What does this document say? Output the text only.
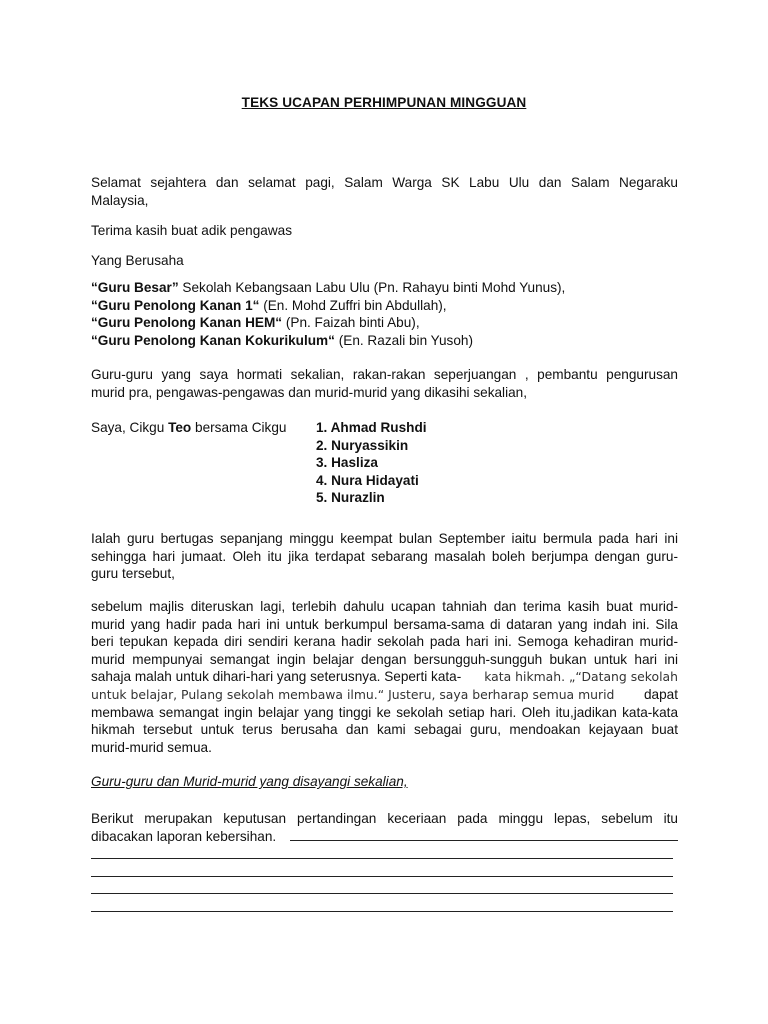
TEKS UCAPAN PERHIMPUNAN MINGGUAN
Selamat sejahtera dan selamat pagi, Salam Warga SK Labu Ulu dan Salam Negaraku
Malaysia,
Terima kasih buat adik pengawas
Yang Berusaha
“Guru Besar” Sekolah Kebangsaan Labu Ulu (Pn. Rahayu binti Mohd Yunus),
“Guru Penolong Kanan 1“ (En. Mohd Zuffri bin Abdullah),
“Guru Penolong Kanan HEM“ (Pn. Faizah binti Abu),
“Guru Penolong Kanan Kokurikulum“ (En. Razali bin Yusoh)
Guru-guru yang saya hormati sekalian, rakan-rakan seperjuangan , pembantu pengurusan
murid pra, pengawas-pengawas dan murid-murid yang dikasihi sekalian,
Saya, Cikgu Teo bersama Cikgu	1. Ahmad Rushdi
2. Nuryassikin
3. Hasliza
4. Nura Hidayati
5. Nurazlin
Ialah guru bertugas sepanjang minggu keempat bulan September iaitu bermula pada hari ini
sehingga hari jumaat. Oleh itu jika terdapat sebarang masalah boleh berjumpa dengan guru-
guru tersebut,
sebelum majlis diteruskan lagi, terlebih dahulu ucapan tahniah dan terima kasih buat murid-
murid yang hadir pada hari ini untuk berkumpul bersama-sama di dataran yang indah ini. Sila
beri tepukan kepada diri sendiri kerana hadir sekolah pada hari ini. Semoga kehadiran murid-
murid mempunyai semangat ingin belajar dengan bersungguh-sungguh bukan untuk hari ini
sahaja malah untuk dihari-hari yang seterusnya. Seperti kata- kata hikmah. „“Datang sekolah
untuk belajar, Pulang sekolah membawa ilmu.“ Justeru, saya berharap semua murid dapat
membawa semangat ingin belajar yang tinggi ke sekolah setiap hari. Oleh itu,jadikan kata-kata
hikmah tersebut untuk terus berusaha dan kami sebagai guru, mendoakan kejayaan buat
murid-murid semua.
Guru-guru dan Murid-murid yang disayangi sekalian,
Berikut merupakan keputusan pertandingan keceriaan pada minggu lepas, sebelum itu
dibacakan laporan kebersihan.
